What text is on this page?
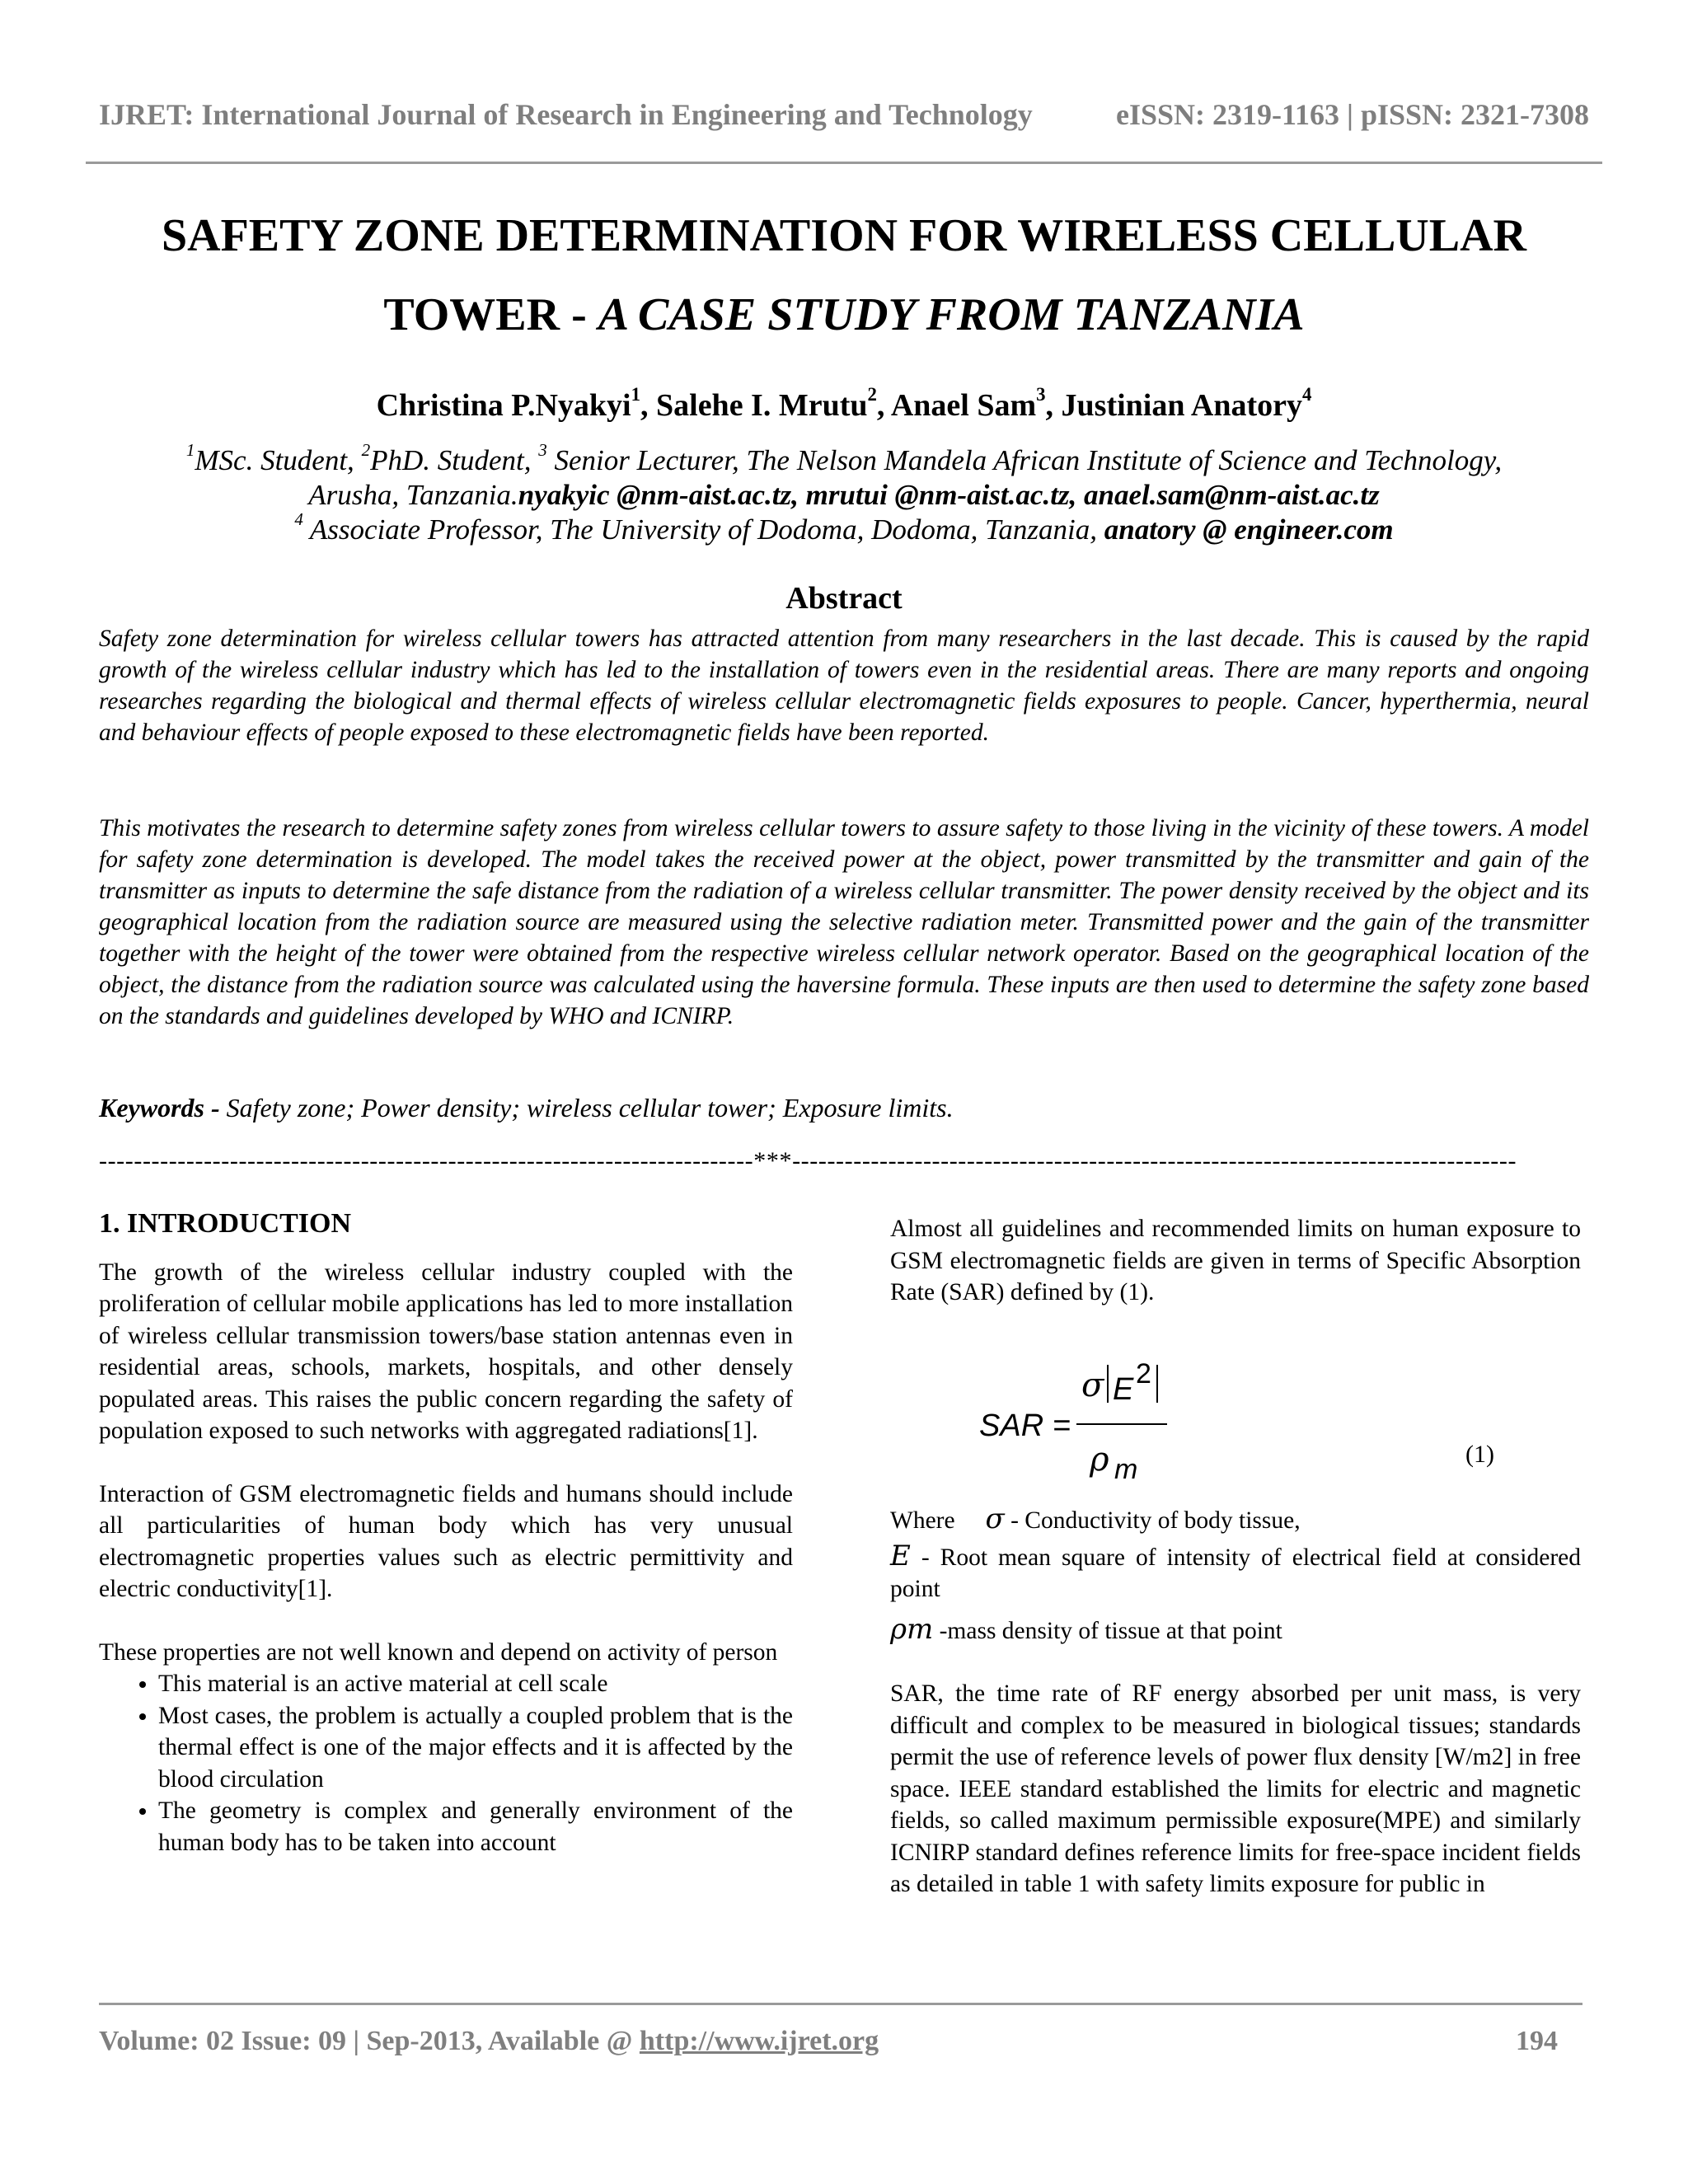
IJRET: International Journal of Research in Engineering and Technology	eISSN: 2319-1163 | pISSN: 2321-7308
SAFETY ZONE DETERMINATION FOR WIRELESS CELLULAR
TOWER - A CASE STUDY FROM TANZANIA
Christina P.Nyakyi$^1$, Salehe I. Mrutu$^2$, Anael Sam$^3$, Justinian Anatory$^4$
$^1$MSc. Student, $^2$PhD. Student, $^3$ Senior Lecturer, The Nelson Mandela African Institute of Science and Technology,
Arusha, Tanzania.nyakyic @nm-aist.ac.tz, mrutui @nm-aist.ac.tz, anael.sam@nm-aist.ac.tz
$^4$ Associate Professor, The University of Dodoma, Dodoma, Tanzania, anatory @ engineer.com
Abstract
Safety zone determination for wireless cellular towers has attracted attention from many researchers in the last decade. This is caused by the rapid growth of the wireless cellular industry which has led to the installation of towers even in the residential areas. There are many reports and ongoing researches regarding the biological and thermal effects of wireless cellular electromagnetic fields exposures to people. Cancer, hyperthermia, neural and behaviour effects of people exposed to these electromagnetic fields have been reported.
This motivates the research to determine safety zones from wireless cellular towers to assure safety to those living in the vicinity of these towers. A model for safety zone determination is developed. The model takes the received power at the object, power transmitted by the transmitter and gain of the transmitter as inputs to determine the safe distance from the radiation of a wireless cellular transmitter. The power density received by the object and its geographical location from the radiation source are measured using the selective radiation meter. Transmitted power and the gain of the transmitter together with the height of the tower were obtained from the respective wireless cellular network operator. Based on the geographical location of the object, the distance from the radiation source was calculated using the haversine formula. These inputs are then used to determine the safety zone based on the standards and guidelines developed by WHO and ICNIRP.
Keywords - Safety zone; Power density; wireless cellular tower; Exposure limits.
---------------------------------------------------------------------------***-----------------------------------------------------------------------------------
1. INTRODUCTION

The growth of the wireless cellular industry coupled with the proliferation of cellular mobile applications has led to more installation of wireless cellular transmission towers/base station antennas even in residential areas, schools, markets, hospitals, and other densely populated areas. This raises the public concern regarding the safety of population exposed to such networks with aggregated radiations[1].

Interaction of GSM electromagnetic fields and humans should include all particularities of human body which has very unusual electromagnetic properties values such as electric permittivity and electric conductivity[1].

These properties are not well known and depend on activity of person

• This material is an active material at cell scale
• Most cases, the problem is actually a coupled problem that is the thermal effect is one of the major effects and it is affected by the blood circulation
• The geometry is complex and generally environment of the human body has to be taken into account

Almost all guidelines and recommended limits on human exposure to GSM electromagnetic fields are given in terms of Specific Absorption Rate (SAR) defined by (1).

SAR =
σ E 2
ρ m	(1)
Where σ - Conductivity of body tissue,
E - Root mean square of intensity of electrical field at considered point
ρm -mass density of tissue at that point

SAR, the time rate of RF energy absorbed per unit mass, is very difficult and complex to be measured in biological tissues; standards permit the use of reference levels of power flux density [W/m2] in free space. IEEE standard established the limits for electric and magnetic fields, so called maximum permissible exposure(MPE) and similarly ICNIRP standard defines reference limits for free-space incident fields as detailed in table 1 with safety limits exposure for public in

Volume: 02 Issue: 09 | Sep-2013, Available @ http://www.ijret.org	194
